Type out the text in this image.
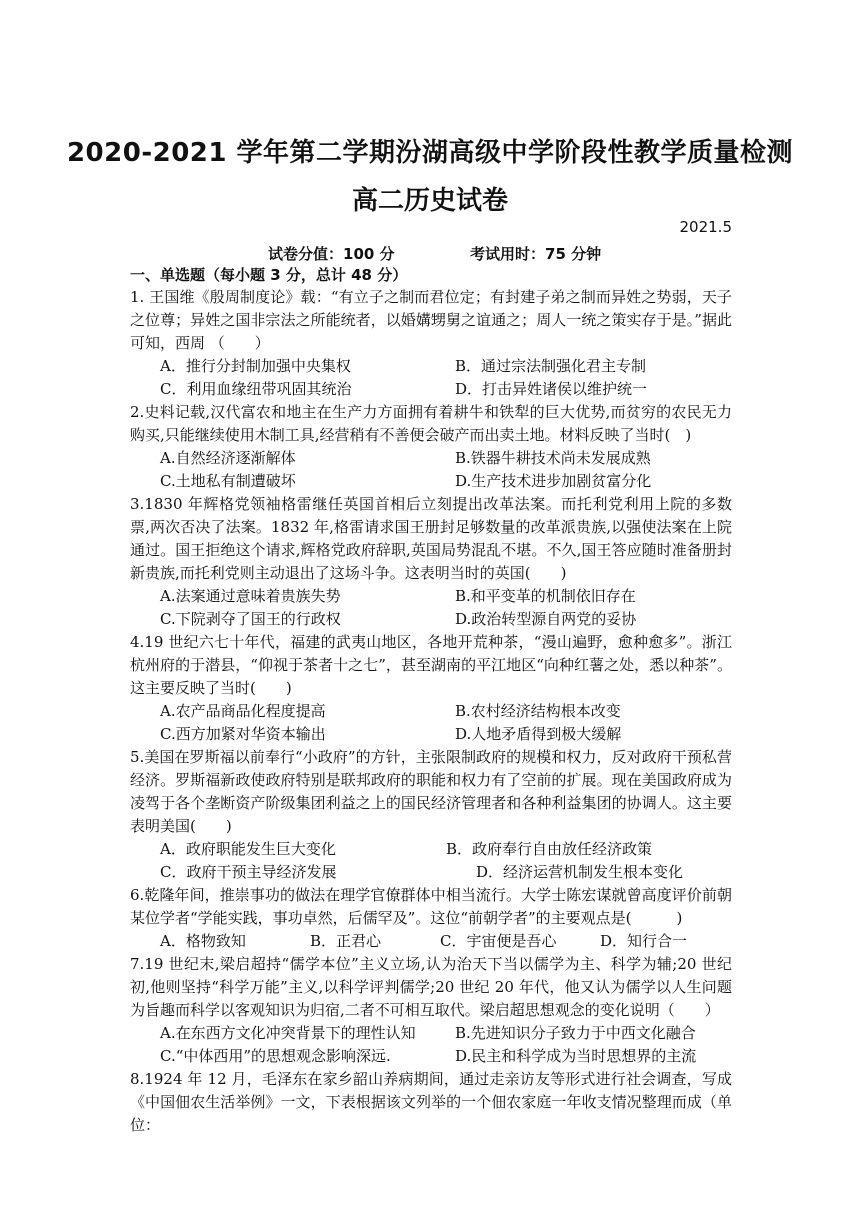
2020-2021 学年第二学期汾湖高级中学阶段性教学质量检测
高二历史试卷
2021.5
试卷分值：100 分	考试用时：75 分钟
一、单选题（每小题 3 分，总计 48 分）

1. 王国维《殷周制度论》载：“有立子之制而君位定；有封建子弟之制而异姓之势弱，天子之位尊；异姓之国非宗法之所能统者，以婚媾甥舅之谊通之；周人一统之策实存于是。”据此可知，西周 （　　）

A．推行分封制加强中央集权	B．通过宗法制强化君主专制
C．利用血缘纽带巩固其统治	D．打击异姓诸侯以维护统一

2.史料记载,汉代富农和地主在生产力方面拥有着耕牛和铁犁的巨大优势,而贫穷的农民无力购买,只能继续使用木制工具,经营稍有不善便会破产而出卖土地。材料反映了当时(　)

A.自然经济逐渐解体	B.铁器牛耕技术尚未发展成熟
C.土地私有制遭破坏	D.生产技术进步加剧贫富分化

3.1830 年辉格党领袖格雷继任英国首相后立刻提出改革法案。而托利党利用上院的多数票,两次否决了法案。1832 年,格雷请求国王册封足够数量的改革派贵族,以强使法案在上院通过。国王拒绝这个请求,辉格党政府辞职,英国局势混乱不堪。不久,国王答应随时准备册封新贵族,而托利党则主动退出了这场斗争。这表明当时的英国(　　)

A.法案通过意味着贵族失势	B.和平变革的机制依旧存在
C.下院剥夺了国王的行政权	D.政治转型源自两党的妥协

4.19 世纪六七十年代，福建的武夷山地区，各地开荒种茶，“漫山遍野，愈种愈多”。浙江杭州府的于潜县，“仰视于茶者十之七”，甚至湖南的平江地区“向种红薯之处，悉以种茶”。这主要反映了当时(　　)

A.农产品商品化程度提高	B.农村经济结构根本改变
C.西方加紧对华资本输出	D.人地矛盾得到极大缓解

5.美国在罗斯福以前奉行“小政府”的方针，主张限制政府的规模和权力，反对政府干预私营经济。罗斯福新政使政府特别是联邦政府的职能和权力有了空前的扩展。现在美国政府成为凌驾于各个垄断资产阶级集团利益之上的国民经济管理者和各种利益集团的协调人。这主要表明美国(　　)

A．政府职能发生巨大变化	B．政府奉行自由放任经济政策
C．政府干预主导经济发展	D．经济运营机制发生根本变化

6.乾隆年间，推崇事功的做法在理学官僚群体中相当流行。大学士陈宏谋就曾高度评价前朝某位学者“学能实践，事功卓然，后儒罕及”。这位“前朝学者”的主要观点是(　　　)

A．格物致知	B．正君心	C．宇宙便是吾心	D．知行合一

7.19 世纪末,梁启超持“儒学本位”主义立场,认为治天下当以儒学为主、科学为辅;20 世纪初,他则坚持“科学万能”主义,以科学评判儒学;20 世纪 20 年代，他又认为儒学以人生问题为旨趣而科学以客观知识为归宿,二者不可相互取代。梁启超思想观念的变化说明（　　）

A.在东西方文化冲突背景下的理性认知	B.先进知识分子致力于中西文化融合
C.“中体西用”的思想观念影响深远.	D.民主和科学成为当时思想界的主流

8.1924 年 12 月，毛泽东在家乡韶山养病期间，通过走亲访友等形式进行社会调查，写成《中国佃农生活举例》一文，下表根据该文列举的一个佃农家庭一年收支情况整理而成（单位：
